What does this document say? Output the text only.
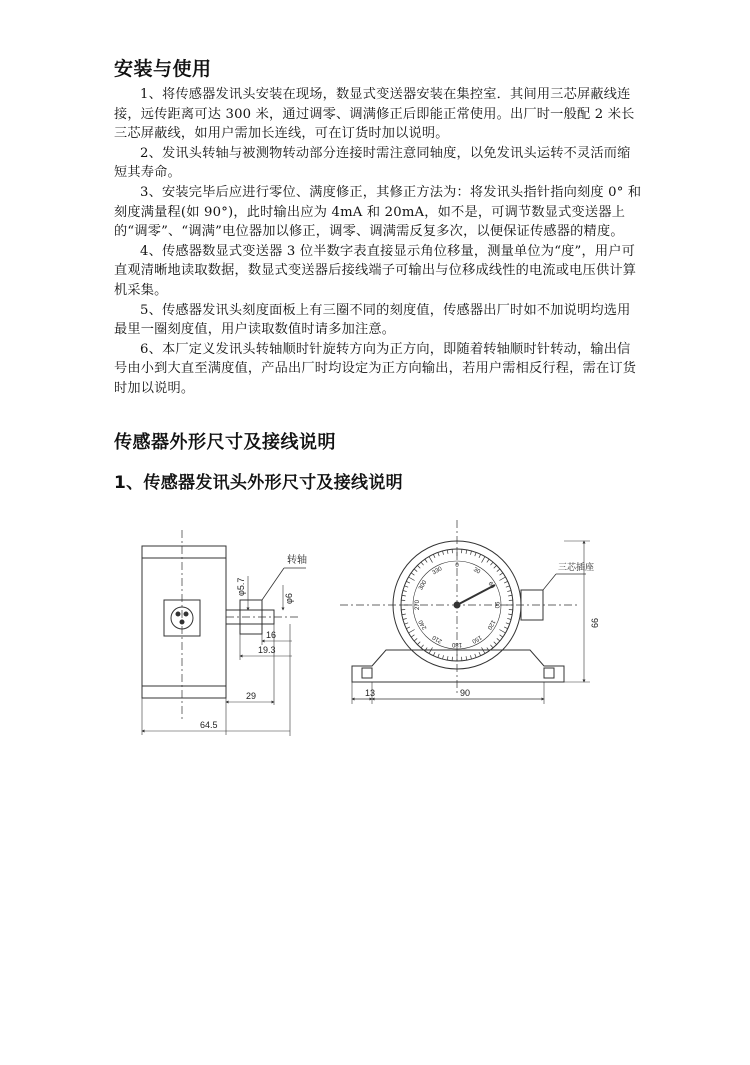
安装与使用

1、将传感器发讯头安装在现场，数显式变送器安装在集控室．其间用三芯屏蔽线连接，远传距离可达 300 米，通过调零、调满修正后即能正常使用。出厂时一般配 2 米长三芯屏蔽线，如用户需加长连线，可在订货时加以说明。

2、发讯头转轴与被测物转动部分连接时需注意同轴度，以免发讯头运转不灵活而缩短其寿命。

3、安装完毕后应进行零位、满度修正，其修正方法为：将发讯头指针指向刻度 0° 和刻度满量程(如 90°)，此时输出应为 4mA 和 20mA，如不是，可调节数显式变送器上的“调零”、“调满”电位器加以修正，调零、调满需反复多次，以便保证传感器的精度。

4、传感器数显式变送器 3 位半数字表直接显示角位移量，测量单位为“度”，用户可直观清晰地读取数据，数显式变送器后接线端子可输出与位移成线性的电流或电压供计算机采集。

5、传感器发讯头刻度面板上有三圈不同的刻度值，传感器出厂时如不加说明均选用最里一圈刻度值，用户读取数值时请多加注意。

6、本厂定义发讯头转轴顺时针旋转方向为正方向，即随着转轴顺时针转动，输出信号由小到大直至满度值，产品出厂时均设定为正方向输出，若用户需相反行程，需在订货时加以说明。

传感器外形尺寸及接线说明
1、传感器发讯头外形尺寸及接线说明
转轴
φ5.7
φ6
16
19.3
29
64.5
0
30
60
90
120
150
180
210
240
270
300
330	三芯插座
66
13	90
